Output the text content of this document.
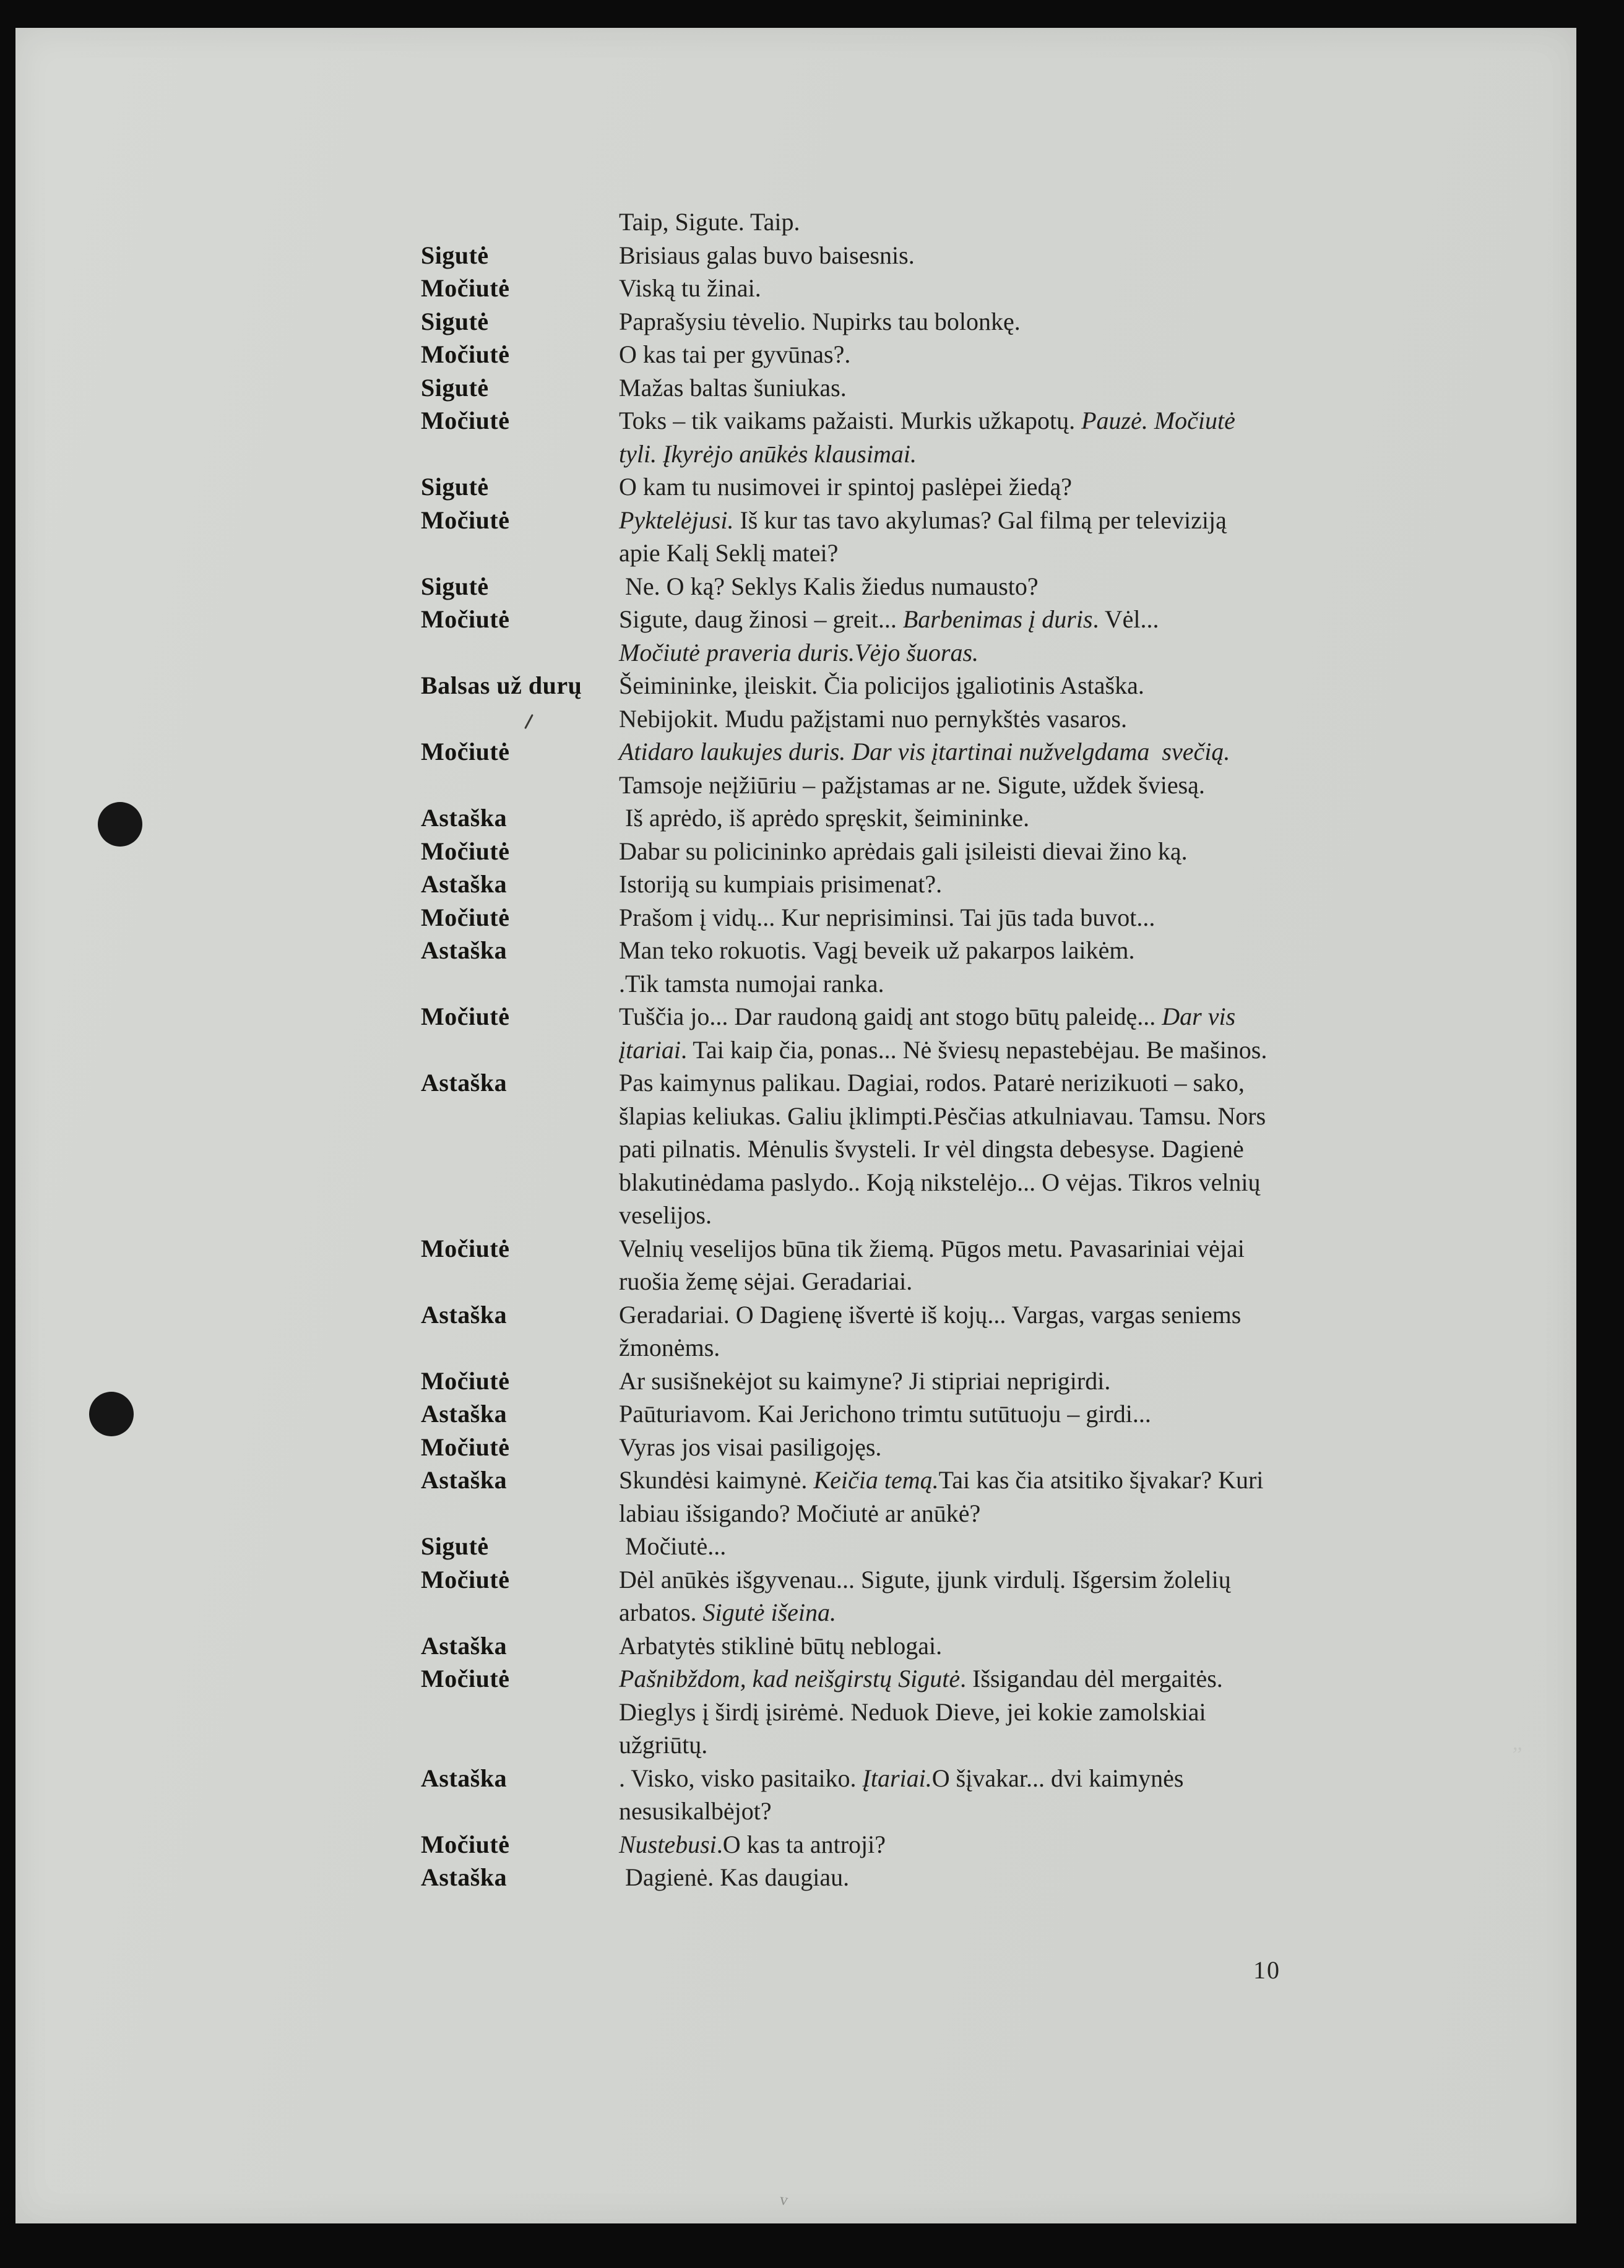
’’
v
Taip, Sigute. Taip.
Sigutė	Brisiaus galas buvo baisesnis.
Močiutė	Viską tu žinai.
Sigutė	Paprašysiu tėvelio. Nupirks tau bolonkę.
Močiutė	O kas tai per gyvūnas?.
Sigutė	Mažas baltas šuniukas.
Močiutė	Toks – tik vaikams pažaisti. Murkis užkapotų. Pauzė. Močiutė
tyli. Įkyrėjo anūkės klausimai.
Sigutė	O kam tu nusimovei ir spintoj paslėpei žiedą?
Močiutė	Pyktelėjusi. Iš kur tas tavo akylumas? Gal filmą per televiziją
apie Kalį Seklį matei?
Sigutė	Ne. O ką? Seklys Kalis žiedus numausto?
Močiutė	Sigute, daug žinosi – greit... Barbenimas į duris. Vėl...
Močiutė praveria duris.Vėjo šuoras.
Balsas už durų	Šeimininke, įleiskit. Čia policijos įgaliotinis Astaška.
Nebijokit. Mudu pažįstami nuo pernykštės vasaros.
Močiutė	Atidaro laukujes duris. Dar vis įtartinai nužvelgdama  svečią.
Tamsoje neįžiūriu – pažįstamas ar ne. Sigute, uždek šviesą.
Astaška	Iš aprėdo, iš aprėdo spręskit, šeimininke.
Močiutė	Dabar su policininko aprėdais gali įsileisti dievai žino ką.
Astaška	Istoriją su kumpiais prisimenat?.
Močiutė	Prašom į vidų... Kur neprisiminsi. Tai jūs tada buvot...
Astaška	Man teko rokuotis. Vagį beveik už pakarpos laikėm.
.Tik tamsta numojai ranka.
Močiutė	Tuščia jo... Dar raudoną gaidį ant stogo būtų paleidę... Dar vis
įtariai. Tai kaip čia, ponas... Nė šviesų nepastebėjau. Be mašinos.
Astaška	Pas kaimynus palikau. Dagiai, rodos. Patarė nerizikuoti – sako,
šlapias keliukas. Galiu įklimpti.Pėsčias atkulniavau. Tamsu. Nors
pati pilnatis. Mėnulis švysteli. Ir vėl dingsta debesyse. Dagienė
blakutinėdama paslydo.. Koją nikstelėjo... O vėjas. Tikros velnių
veselijos.
Močiutė	Velnių veselijos būna tik žiemą. Pūgos metu. Pavasariniai vėjai
ruošia žemę sėjai. Geradariai.
Astaška	Geradariai. O Dagienę išvertė iš kojų... Vargas, vargas seniems
žmonėms.
Močiutė	Ar susišnekėjot su kaimyne? Ji stipriai neprigirdi.
Astaška	Paūturiavom. Kai Jerichono trimtu sutūtuoju – girdi...
Močiutė	Vyras jos visai pasiligojęs.
Astaška	Skundėsi kaimynė. Keičia temą.Tai kas čia atsitiko šįvakar? Kuri
labiau išsigando? Močiutė ar anūkė?
Sigutė	Močiutė...
Močiutė	Dėl anūkės išgyvenau... Sigute, įjunk virdulį. Išgersim žolelių
arbatos. Sigutė išeina.
Astaška	Arbatytės stiklinė būtų neblogai.
Močiutė	Pašnibždom, kad neišgirstų Sigutė. Išsigandau dėl mergaitės.
Dieglys į širdį įsirėmė. Neduok Dieve, jei kokie zamolskiai
užgriūtų.
Astaška	. Visko, visko pasitaiko. Įtariai.O šįvakar... dvi kaimynės
nesusikalbėjot?
Močiutė	Nustebusi.O kas ta antroji?
Astaška	Dagienė. Kas daugiau.
10
